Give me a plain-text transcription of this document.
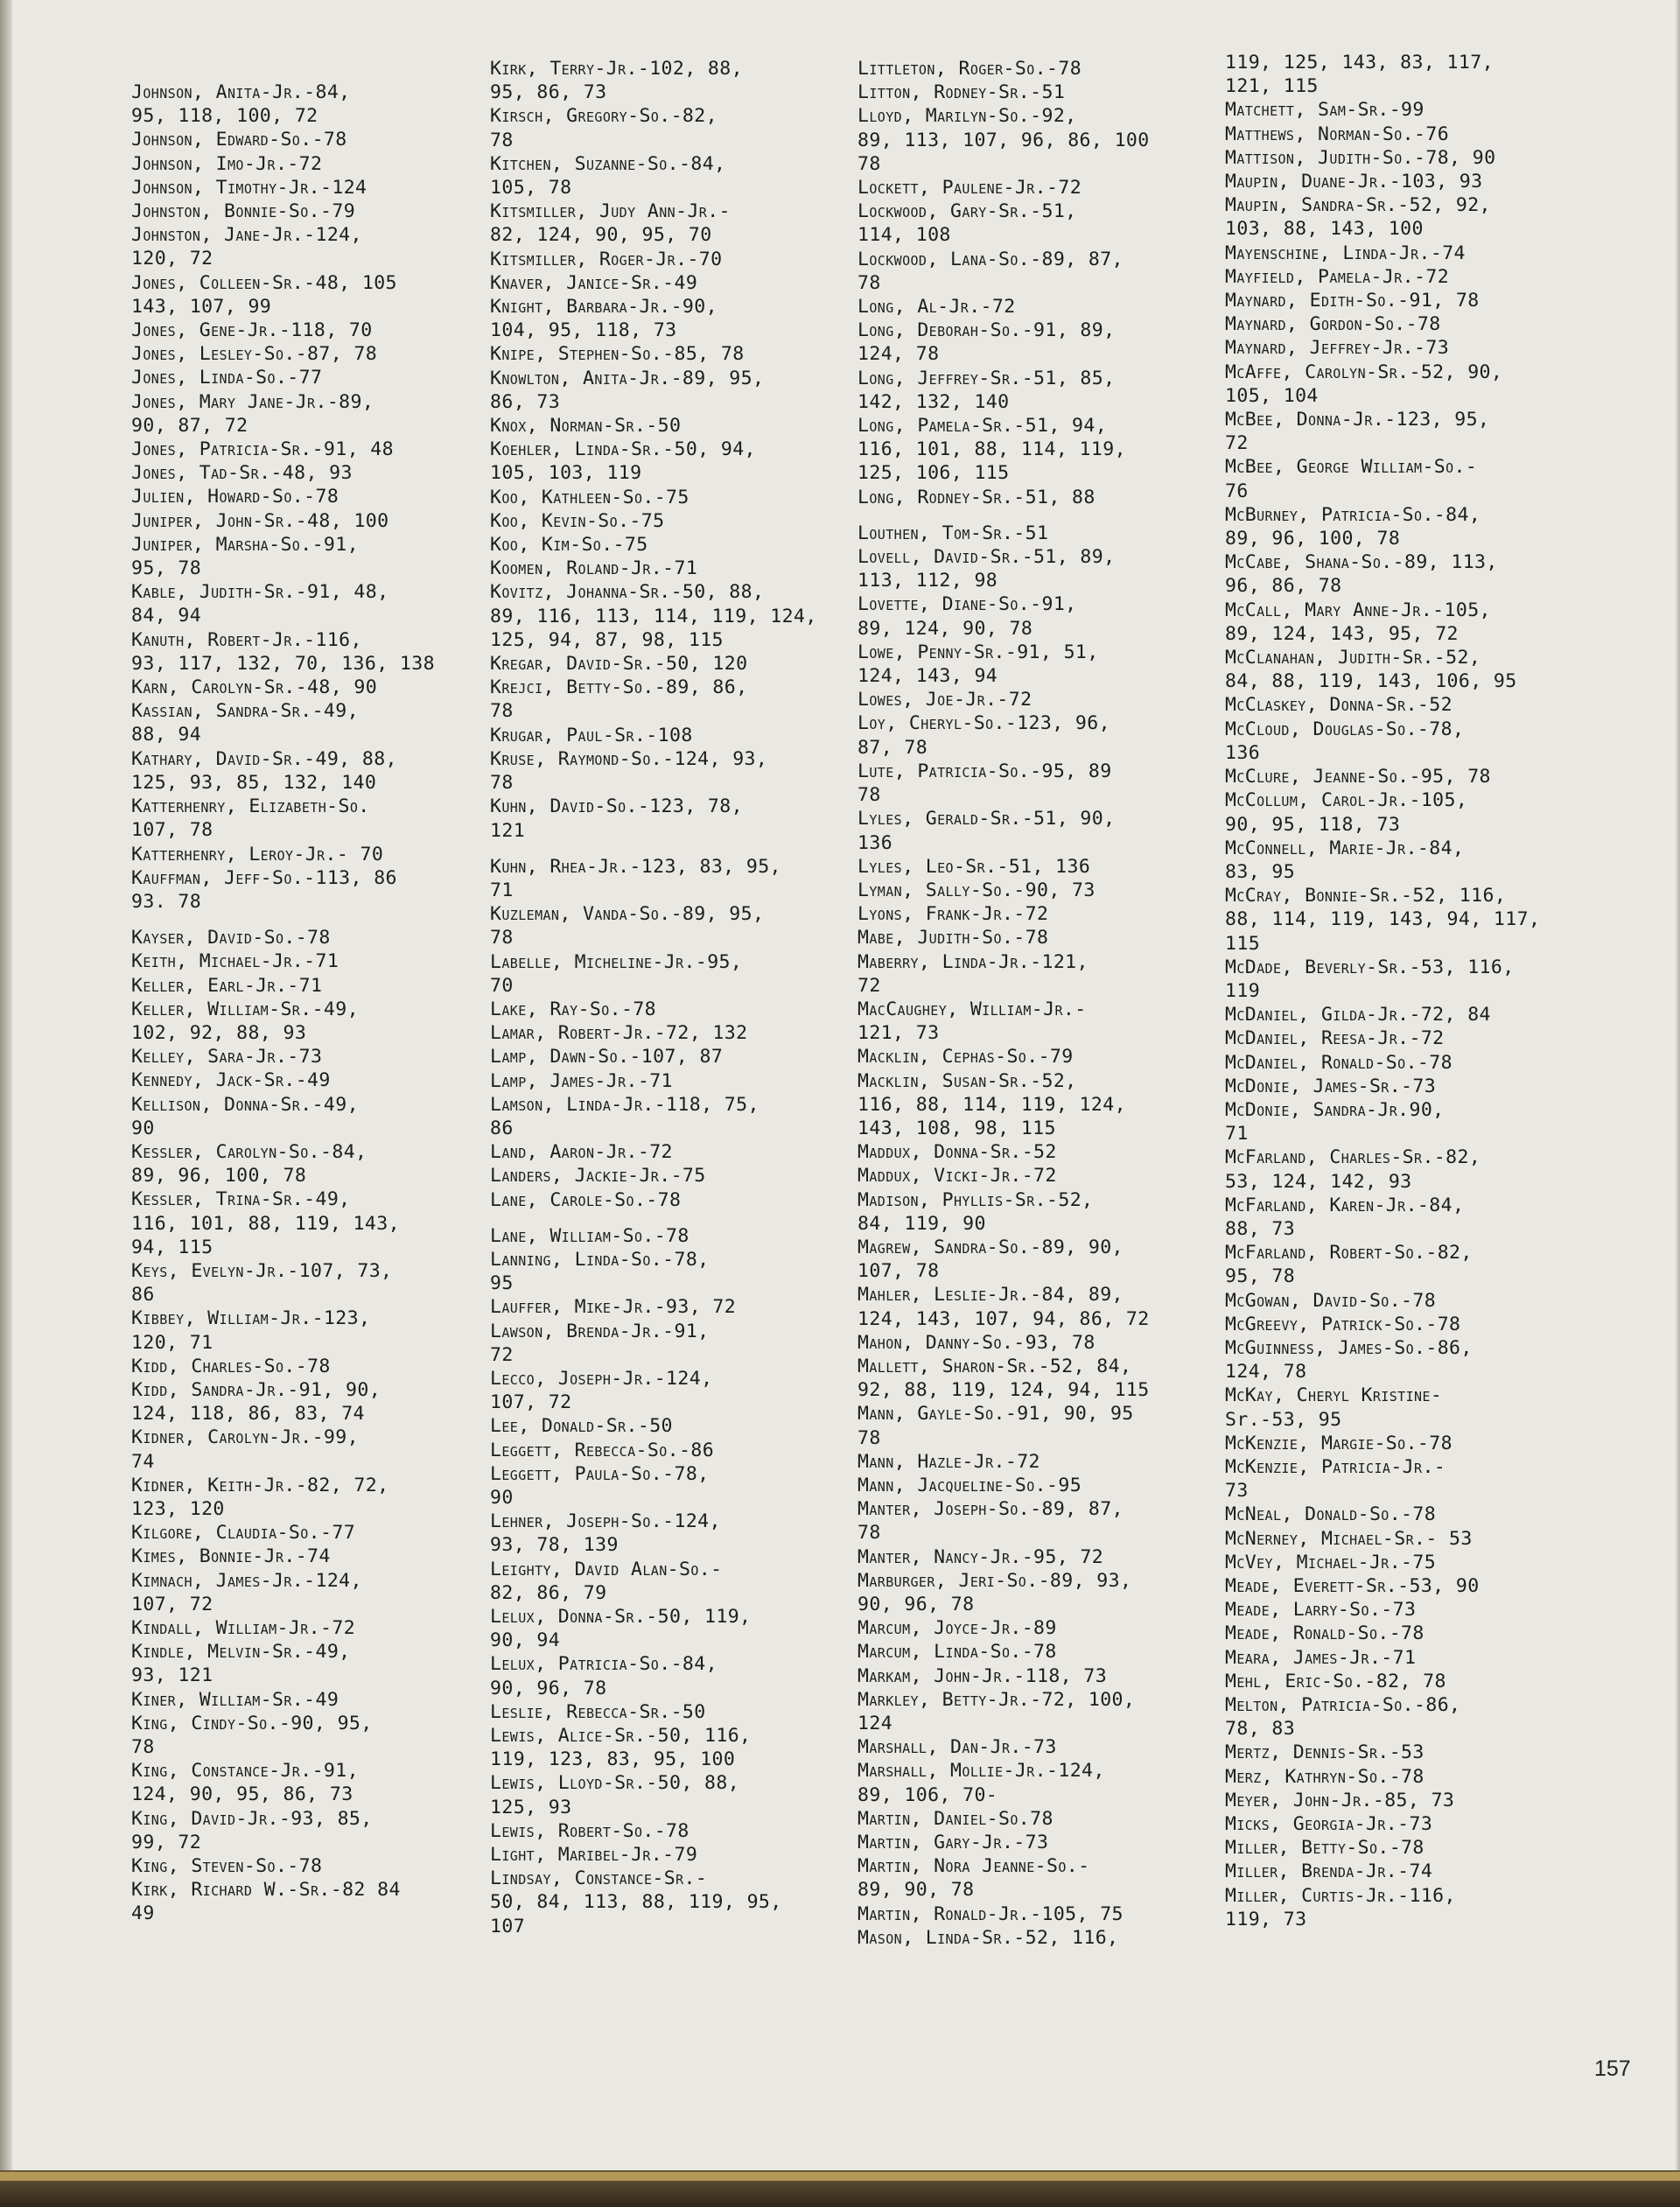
Johnson, Anita-Jr.-84,
95, 118, 100, 72
Johnson, Edward-So.-78
Johnson, Imo-Jr.-72
Johnson, Timothy-Jr.-124
Johnston, Bonnie-So.-79
Johnston, Jane-Jr.-124,
120, 72
Jones, Colleen-Sr.-48, 105
143, 107, 99
Jones, Gene-Jr.-118, 70
Jones, Lesley-So.-87, 78
Jones, Linda-So.-77
Jones, Mary Jane-Jr.-89,
90, 87, 72
Jones, Patricia-Sr.-91, 48
Jones, Tad-Sr.-48, 93
Julien, Howard-So.-78
Juniper, John-Sr.-48, 100
Juniper, Marsha-So.-91,
95, 78
Kable, Judith-Sr.-91, 48,
84, 94
Kanuth, Robert-Jr.-116,
93, 117, 132, 70, 136, 138
Karn, Carolyn-Sr.-48, 90
Kassian, Sandra-Sr.-49,
88, 94
Kathary, David-Sr.-49, 88,
125, 93, 85, 132, 140
Katterhenry, Elizabeth-So.
107, 78
Katterhenry, Leroy-Jr.- 70
Kauffman, Jeff-So.-113, 86
93. 78
Kayser, David-So.-78
Keith, Michael-Jr.-71
Keller, Earl-Jr.-71
Keller, William-Sr.-49,
102, 92, 88, 93
Kelley, Sara-Jr.-73
Kennedy, Jack-Sr.-49
Kellison, Donna-Sr.-49,
90
Kessler, Carolyn-So.-84,
89, 96, 100, 78
Kessler, Trina-Sr.-49,
116, 101, 88, 119, 143,
94, 115
Keys, Evelyn-Jr.-107, 73,
86
Kibbey, William-Jr.-123,
120, 71
Kidd, Charles-So.-78
Kidd, Sandra-Jr.-91, 90,
124, 118, 86, 83, 74
Kidner, Carolyn-Jr.-99,
74
Kidner, Keith-Jr.-82, 72,
123, 120
Kilgore, Claudia-So.-77
Kimes, Bonnie-Jr.-74
Kimnach, James-Jr.-124,
107, 72
Kindall, William-Jr.-72
Kindle, Melvin-Sr.-49,
93, 121
Kiner, William-Sr.-49
King, Cindy-So.-90, 95,
78
King, Constance-Jr.-91,
124, 90, 95, 86, 73
King, David-Jr.-93, 85,
99, 72
King, Steven-So.-78
Kirk, Richard W.-Sr.-82 84
49
Kirk, Terry-Jr.-102, 88,
95, 86, 73
Kirsch, Gregory-So.-82,
78
Kitchen, Suzanne-So.-84,
105, 78
Kitsmiller, Judy Ann-Jr.-
82, 124, 90, 95, 70
Kitsmiller, Roger-Jr.-70
Knaver, Janice-Sr.-49
Knight, Barbara-Jr.-90,
104, 95, 118, 73
Knipe, Stephen-So.-85, 78
Knowlton, Anita-Jr.-89, 95,
86, 73
Knox, Norman-Sr.-50
Koehler, Linda-Sr.-50, 94,
105, 103, 119
Koo, Kathleen-So.-75
Koo, Kevin-So.-75
Koo, Kim-So.-75
Koomen, Roland-Jr.-71
Kovitz, Johanna-Sr.-50, 88,
89, 116, 113, 114, 119, 124,
125, 94, 87, 98, 115
Kregar, David-Sr.-50, 120
Krejci, Betty-So.-89, 86,
78
Krugar, Paul-Sr.-108
Kruse, Raymond-So.-124, 93,
78
Kuhn, David-So.-123, 78,
121
Kuhn, Rhea-Jr.-123, 83, 95,
71
Kuzleman, Vanda-So.-89, 95,
78
Labelle, Micheline-Jr.-95,
70
Lake, Ray-So.-78
Lamar, Robert-Jr.-72, 132
Lamp, Dawn-So.-107, 87
Lamp, James-Jr.-71
Lamson, Linda-Jr.-118, 75,
86
Land, Aaron-Jr.-72
Landers, Jackie-Jr.-75
Lane, Carole-So.-78
Lane, William-So.-78
Lanning, Linda-So.-78,
95
Lauffer, Mike-Jr.-93, 72
Lawson, Brenda-Jr.-91,
72
Lecco, Joseph-Jr.-124,
107, 72
Lee, Donald-Sr.-50
Leggett, Rebecca-So.-86
Leggett, Paula-So.-78,
90
Lehner, Joseph-So.-124,
93, 78, 139
Leighty, David Alan-So.-
82, 86, 79
Lelux, Donna-Sr.-50, 119,
90, 94
Lelux, Patricia-So.-84,
90, 96, 78
Leslie, Rebecca-Sr.-50
Lewis, Alice-Sr.-50, 116,
119, 123, 83, 95, 100
Lewis, Lloyd-Sr.-50, 88,
125, 93
Lewis, Robert-So.-78
Light, Maribel-Jr.-79
Lindsay, Constance-Sr.-
50, 84, 113, 88, 119, 95,
107
Littleton, Roger-So.-78
Litton, Rodney-Sr.-51
Lloyd, Marilyn-So.-92,
89, 113, 107, 96, 86, 100
78
Lockett, Paulene-Jr.-72
Lockwood, Gary-Sr.-51,
114, 108
Lockwood, Lana-So.-89, 87,
78
Long, Al-Jr.-72
Long, Deborah-So.-91, 89,
124, 78
Long, Jeffrey-Sr.-51, 85,
142, 132, 140
Long, Pamela-Sr.-51, 94,
116, 101, 88, 114, 119,
125, 106, 115
Long, Rodney-Sr.-51, 88
Louthen, Tom-Sr.-51
Lovell, David-Sr.-51, 89,
113, 112, 98
Lovette, Diane-So.-91,
89, 124, 90, 78
Lowe, Penny-Sr.-91, 51,
124, 143, 94
Lowes, Joe-Jr.-72
Loy, Cheryl-So.-123, 96,
87, 78
Lute, Patricia-So.-95, 89
78
Lyles, Gerald-Sr.-51, 90,
136
Lyles, Leo-Sr.-51, 136
Lyman, Sally-So.-90, 73
Lyons, Frank-Jr.-72
Mabe, Judith-So.-78
Maberry, Linda-Jr.-121,
72
MacCaughey, William-Jr.-
121, 73
Macklin, Cephas-So.-79
Macklin, Susan-Sr.-52,
116, 88, 114, 119, 124,
143, 108, 98, 115
Maddux, Donna-Sr.-52
Maddux, Vicki-Jr.-72
Madison, Phyllis-Sr.-52,
84, 119, 90
Magrew, Sandra-So.-89, 90,
107, 78
Mahler, Leslie-Jr.-84, 89,
124, 143, 107, 94, 86, 72
Mahon, Danny-So.-93, 78
Mallett, Sharon-Sr.-52, 84,
92, 88, 119, 124, 94, 115
Mann, Gayle-So.-91, 90, 95
78
Mann, Hazle-Jr.-72
Mann, Jacqueline-So.-95
Manter, Joseph-So.-89, 87,
78
Manter, Nancy-Jr.-95, 72
Marburger, Jeri-So.-89, 93,
90, 96, 78
Marcum, Joyce-Jr.-89
Marcum, Linda-So.-78
Markam, John-Jr.-118, 73
Markley, Betty-Jr.-72, 100,
124
Marshall, Dan-Jr.-73
Marshall, Mollie-Jr.-124,
89, 106, 70-
Martin, Daniel-So.78
Martin, Gary-Jr.-73
Martin, Nora Jeanne-So.-
89, 90, 78
Martin, Ronald-Jr.-105, 75
Mason, Linda-Sr.-52, 116,
119, 125, 143, 83, 117,
121, 115
Matchett, Sam-Sr.-99
Matthews, Norman-So.-76
Mattison, Judith-So.-78, 90
Maupin, Duane-Jr.-103, 93
Maupin, Sandra-Sr.-52, 92,
103, 88, 143, 100
Mayenschine, Linda-Jr.-74
Mayfield, Pamela-Jr.-72
Maynard, Edith-So.-91, 78
Maynard, Gordon-So.-78
Maynard, Jeffrey-Jr.-73
McAffe, Carolyn-Sr.-52, 90,
105, 104
McBee, Donna-Jr.-123, 95,
72
McBee, George William-So.-
76
McBurney, Patricia-So.-84,
89, 96, 100, 78
McCabe, Shana-So.-89, 113,
96, 86, 78
McCall, Mary Anne-Jr.-105,
89, 124, 143, 95, 72
McClanahan, Judith-Sr.-52,
84, 88, 119, 143, 106, 95
McClaskey, Donna-Sr.-52
McCloud, Douglas-So.-78,
136
McClure, Jeanne-So.-95, 78
McCollum, Carol-Jr.-105,
90, 95, 118, 73
McConnell, Marie-Jr.-84,
83, 95
McCray, Bonnie-Sr.-52, 116,
88, 114, 119, 143, 94, 117,
115
McDade, Beverly-Sr.-53, 116,
119
McDaniel, Gilda-Jr.-72, 84
McDaniel, Reesa-Jr.-72
McDaniel, Ronald-So.-78
McDonie, James-Sr.-73
McDonie, Sandra-Jr.90,
71
McFarland, Charles-Sr.-82,
53, 124, 142, 93
McFarland, Karen-Jr.-84,
88, 73
McFarland, Robert-So.-82,
95, 78
McGowan, David-So.-78
McGreevy, Patrick-So.-78
McGuinness, James-So.-86,
124, 78
McKay, Cheryl Kristine-
Sr.-53, 95
McKenzie, Margie-So.-78
McKenzie, Patricia-Jr.-
73
McNeal, Donald-So.-78
McNerney, Michael-Sr.- 53
McVey, Michael-Jr.-75
Meade, Everett-Sr.-53, 90
Meade, Larry-So.-73
Meade, Ronald-So.-78
Meara, James-Jr.-71
Mehl, Eric-So.-82, 78
Melton, Patricia-So.-86,
78, 83
Mertz, Dennis-Sr.-53
Merz, Kathryn-So.-78
Meyer, John-Jr.-85, 73
Micks, Georgia-Jr.-73
Miller, Betty-So.-78
Miller, Brenda-Jr.-74
Miller, Curtis-Jr.-116,
119, 73
157
